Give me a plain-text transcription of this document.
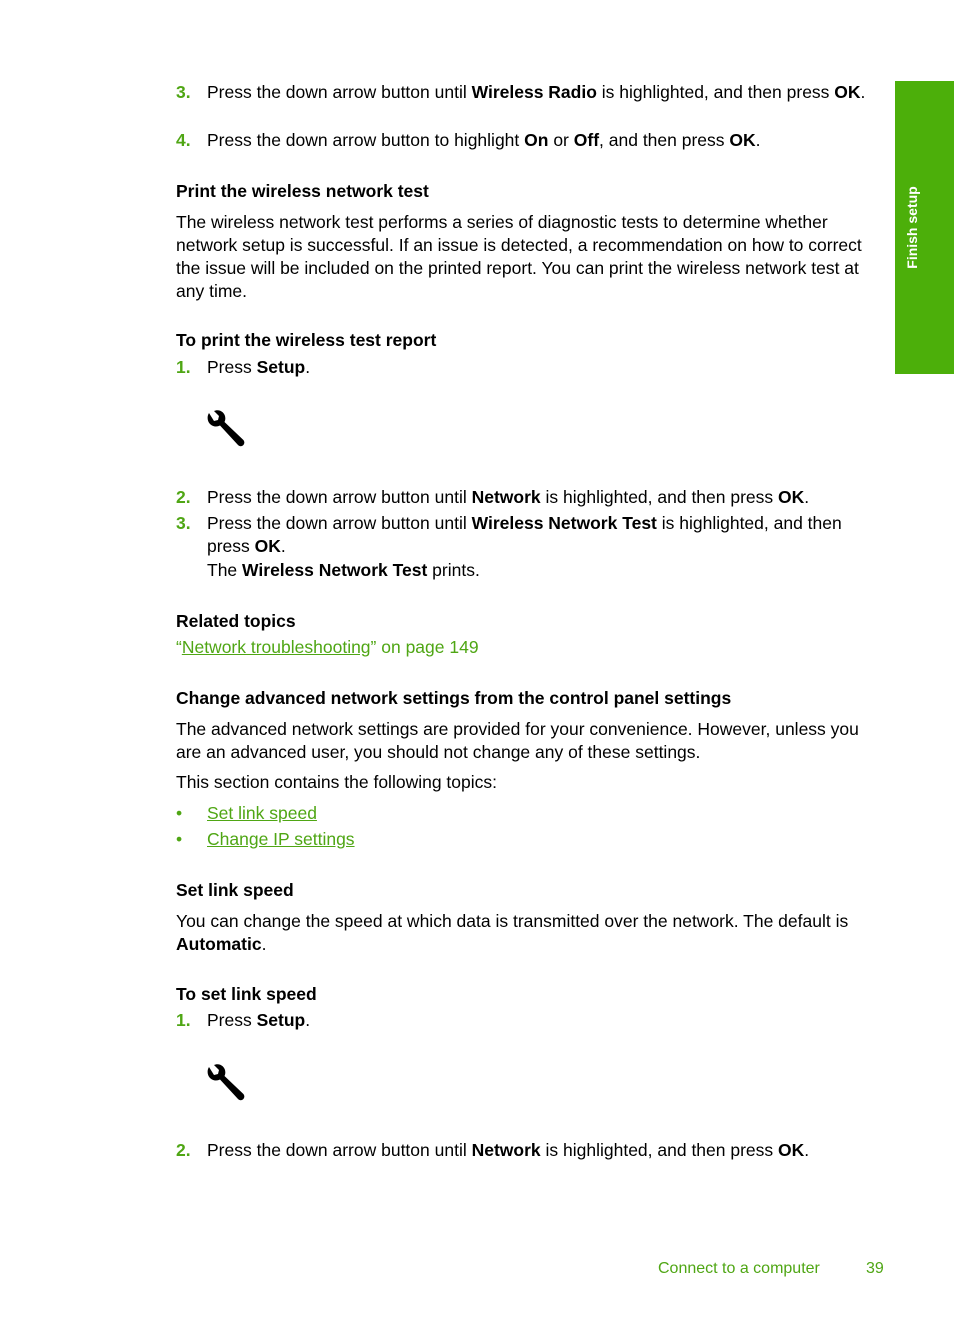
Finish setup
3. Press the down arrow button until Wireless Radio is highlighted, and then press OK.
4. Press the down arrow button to highlight On or Off, and then press OK.
Print the wireless network test
The wireless network test performs a series of diagnostic tests to determine whether network setup is successful. If an issue is detected, a recommendation on how to correct the issue will be included on the printed report. You can print the wireless network test at any time.
To print the wireless test report
1. Press Setup.
2. Press the down arrow button until Network is highlighted, and then press OK.
3. Press the down arrow button until Wireless Network Test is highlighted, and then press OK.
The Wireless Network Test prints.
Related topics
“Network troubleshooting” on page 149
Change advanced network settings from the control panel settings
The advanced network settings are provided for your convenience. However, unless you are an advanced user, you should not change any of these settings.
This section contains the following topics:
• Set link speed
• Change IP settings
Set link speed
You can change the speed at which data is transmitted over the network. The default is Automatic.
To set link speed
1. Press Setup.
2. Press the down arrow button until Network is highlighted, and then press OK.
Connect to a computer	39
